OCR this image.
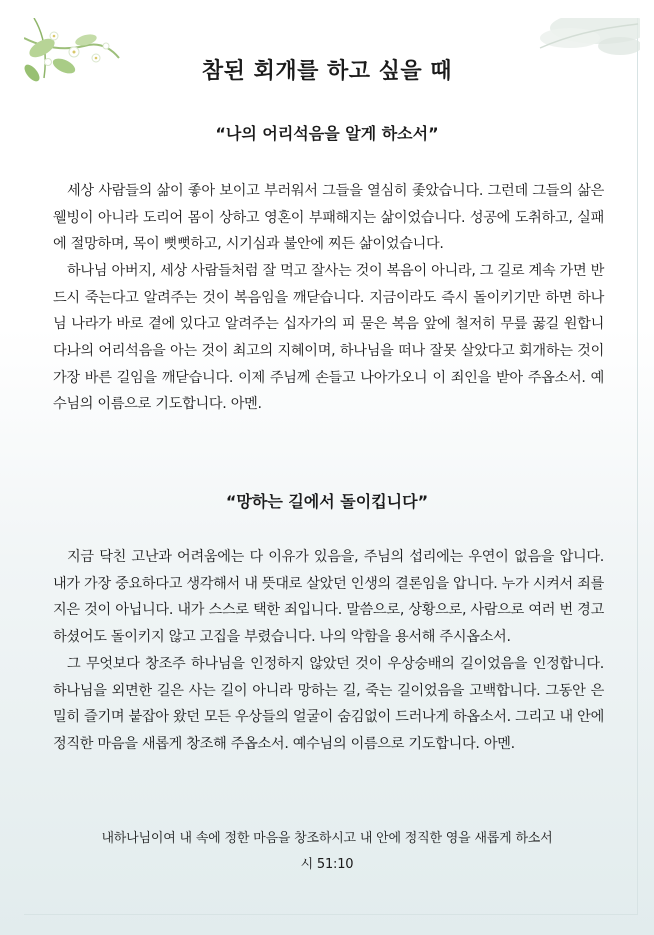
참된 회개를 하고 싶을 때
“나의 어리석음을 알게 하소서”

세상 사람들의 삶이 좋아 보이고 부러워서 그들을 열심히 좇았습니다. 그런데 그들의 삶은 웰빙이 아니라 도리어 몸이 상하고 영혼이 부패해지는 삶이었습니다. 성공에 도취하고, 실패에 절망하며, 목이 뻣뻣하고, 시기심과 불안에 찌든 삶이었습니다.

하나님 아버지, 세상 사람들처럼 잘 먹고 잘사는 것이 복음이 아니라, 그 길로 계속 가면 반드시 죽는다고 알려주는 것이 복음임을 깨닫습니다. 지금이라도 즉시 돌이키기만 하면 하나님 나라가 바로 곁에 있다고 알려주는 십자가의 피 묻은 복음 앞에 철저히 무릎 꿇길 원합니다.

나의 어리석음을 아는 것이 최고의 지혜이며, 하나님을 떠나 잘못 살았다고 회개하는 것이 가장 바른 길임을 깨닫습니다. 이제 주님께 손들고 나아가오니 이 죄인을 받아 주옵소서. 예수님의 이름으로 기도합니다. 아멘.

“망하는 길에서 돌이킵니다”

지금 닥친 고난과 어려움에는 다 이유가 있음을, 주님의 섭리에는 우연이 없음을 압니다. 내가 가장 중요하다고 생각해서 내 뜻대로 살았던 인생의 결론임을 압니다. 누가 시켜서 죄를 지은 것이 아닙니다. 내가 스스로 택한 죄입니다. 말씀으로, 상황으로, 사람으로 여러 번 경고하셨어도 돌이키지 않고 고집을 부렸습니다. 나의 악함을 용서해 주시옵소서.

그 무엇보다 창조주 하나님을 인정하지 않았던 것이 우상숭배의 길이었음을 인정합니다. 하나님을 외면한 길은 사는 길이 아니라 망하는 길, 죽는 길이었음을 고백합니다. 그동안 은밀히 즐기며 붙잡아 왔던 모든 우상들의 얼굴이 숨김없이 드러나게 하옵소서. 그리고 내 안에 정직한 마음을 새롭게 창조해 주옵소서. 예수님의 이름으로 기도합니다. 아멘.

내하나님이여 내 속에 정한 마음을 창조하시고 내 안에 정직한 영을 새롭게 하소서
시 51:10
